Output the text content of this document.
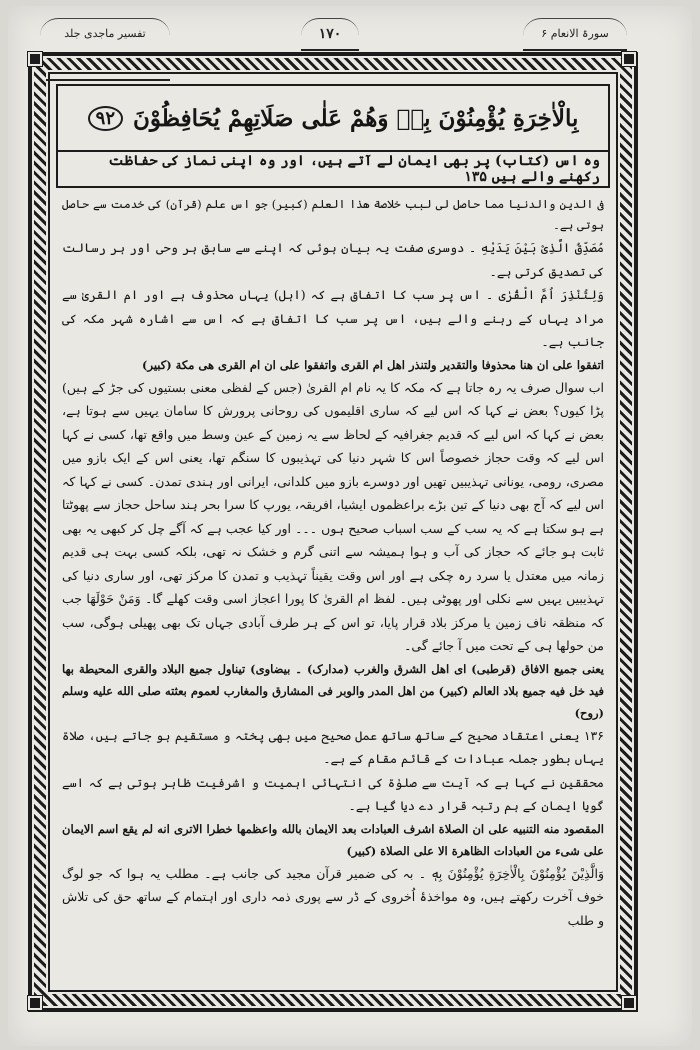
تفسیر ماجدی جلد دوم
۱۷۰	سورۃ الانعام ۶
بِالْاٰخِرَةِ یُؤْمِنُوْنَ بِهٖ وَهُمْ عَلٰى صَلَاتِهِمْ یُحَافِظُوْنَ
۹۲
وہ اس (کتاب) پر بھی ایمان لے آتے ہیں، اور وہ اپنی نماز کی حفاظت رکھنے والے ہیں ۱۳۵

فی الدین والدنیا مما حاصل لی لبب خلاصة هذا العلم (کبیر) جو اس علم (قرآن) کی خدمت سے حاصل ہوتی ہے۔

مُصَدِّقُ الَّذِیْ بَیْنَ یَدَیْهِ ۔ دوسری صفت یہ بیان ہوئی کہ اپنے سے سابق ہر وحی اور ہر رسالت کی تصدیق کرتی ہے۔

وَلِتُنْذِرَ اُمَّ الْقُرٰى ۔ اس پر سب کا اتفاق ہے کہ (اہل) یہاں محذوف ہے اور ام القریٰ سے مراد یہاں کے رہنے والے ہیں، اس پر سب کا اتفاق ہے کہ اس سے اشارہ شہر مکہ کی جانب ہے۔

اتفقوا علی ان هنا محذوفا والتقدیر ولتنذر اهل ام القری واتفقوا علی ان ام القری هی مکة (کبیر)

اب سوال صرف یہ رہ جاتا ہے کہ مکہ کا یہ نام ام القریٰ (جس کے لفظی معنی بستیوں کی جڑ کے ہیں) پڑا کیوں؟ بعض نے کہا کہ اس لیے کہ ساری اقلیموں کی روحانی پرورش کا سامان یہیں سے ہوتا ہے، بعض نے کہا کہ اس لیے کہ قدیم جغرافیہ کے لحاظ سے یہ زمین کے عین وسط میں واقع تھا، کسی نے کہا اس لیے کہ وقت حجاز خصوصاً اس کا شہر دنیا کی تہذیبوں کا سنگم تھا، یعنی اس کے ایک بازو میں مصری، رومی، یونانی تہذیبیں تھیں اور دوسرے بازو میں کلدانی، ایرانی اور ہندی تمدن۔ کسی نے کہا کہ اس لیے کہ آج بھی دنیا کے تین بڑے براعظموں ایشیا، افریقہ، یورپ کا سرا بحر ہند ساحل حجاز سے پھوٹتا ہے ہو سکتا ہے کہ یہ سب کے سب اسباب صحیح ہوں ۔۔۔ اور کیا عجب ہے کہ آگے چل کر کبھی یہ بھی ثابت ہو جائے کہ حجاز کی آب و ہوا ہمیشہ سے اتنی گرم و خشک نہ تھی، بلکہ کسی بہت ہی قدیم زمانہ میں معتدل یا سرد رہ چکی ہے اور اس وقت یقیناً تہذیب و تمدن کا مرکز تھی، اور ساری دنیا کی تہذیبیں یہیں سے نکلی اور پھوٹی ہیں۔ لفظ ام القریٰ کا پورا اعجاز اسی وقت کھلے گا۔ وَمَنْ حَوْلَهَا جب کہ منظقہ ناف زمین یا مرکز بلاد قرار پایا، تو اس کے ہر طرف آبادی جہاں تک بھی پھیلی ہوگی، سب من حولها ہی کے تحت میں آ جائے گی۔

یعنی جمیع الافاق (قرطبی) ای اهل الشرق والغرب (مدارک) ۔ بیضاوی) تیناول جمیع البلاد والقری المحیطة بها فید خل فیه جمیع بلاد العالم (کبیر) من اهل المدر والوبر فی المشارق والمغارب لعموم بعثته صلی الله علیه وسلم (روح)

۱۳۶ یعنی اعتقاد صحیح کے ساتھ ساتھ عمل صحیح میں بھی پختہ و مستقیم ہو جاتے ہیں، صلاۃ یہاں بطور جملہ عبادات کے قائم مقام کے ہے۔

محققین نے کہا ہے کہ آیت سے صلوٰۃ کی انتہائی اہمیت و اشرفیت ظاہر ہوتی ہے کہ اسے گویا ایمان کے ہم رتبہ قرار دے دیا گیا ہے۔

المقصود منه التنبیه علی ان الصلاة اشرف العبادات بعد الایمان بالله واعظمها خطرا الاتری انه لم یقع اسم الایمان علی شیء من العبادات الظاهرة الا علی الصلاة (کبیر)

وَالَّذِیْنَ یُؤْمِنُوْنَ بِالْاٰخِرَةِ یُؤْمِنُوْنَ بِهٖ ۔ بہ کی ضمیر قرآن مجید کی جانب ہے۔ مطلب یہ ہوا کہ جو لوگ خوف آخرت رکھتے ہیں، وہ مواخذۂ اُخروی کے ڈر سے پوری ذمہ داری اور اہتمام کے ساتھ حق کی تلاش و طلب
